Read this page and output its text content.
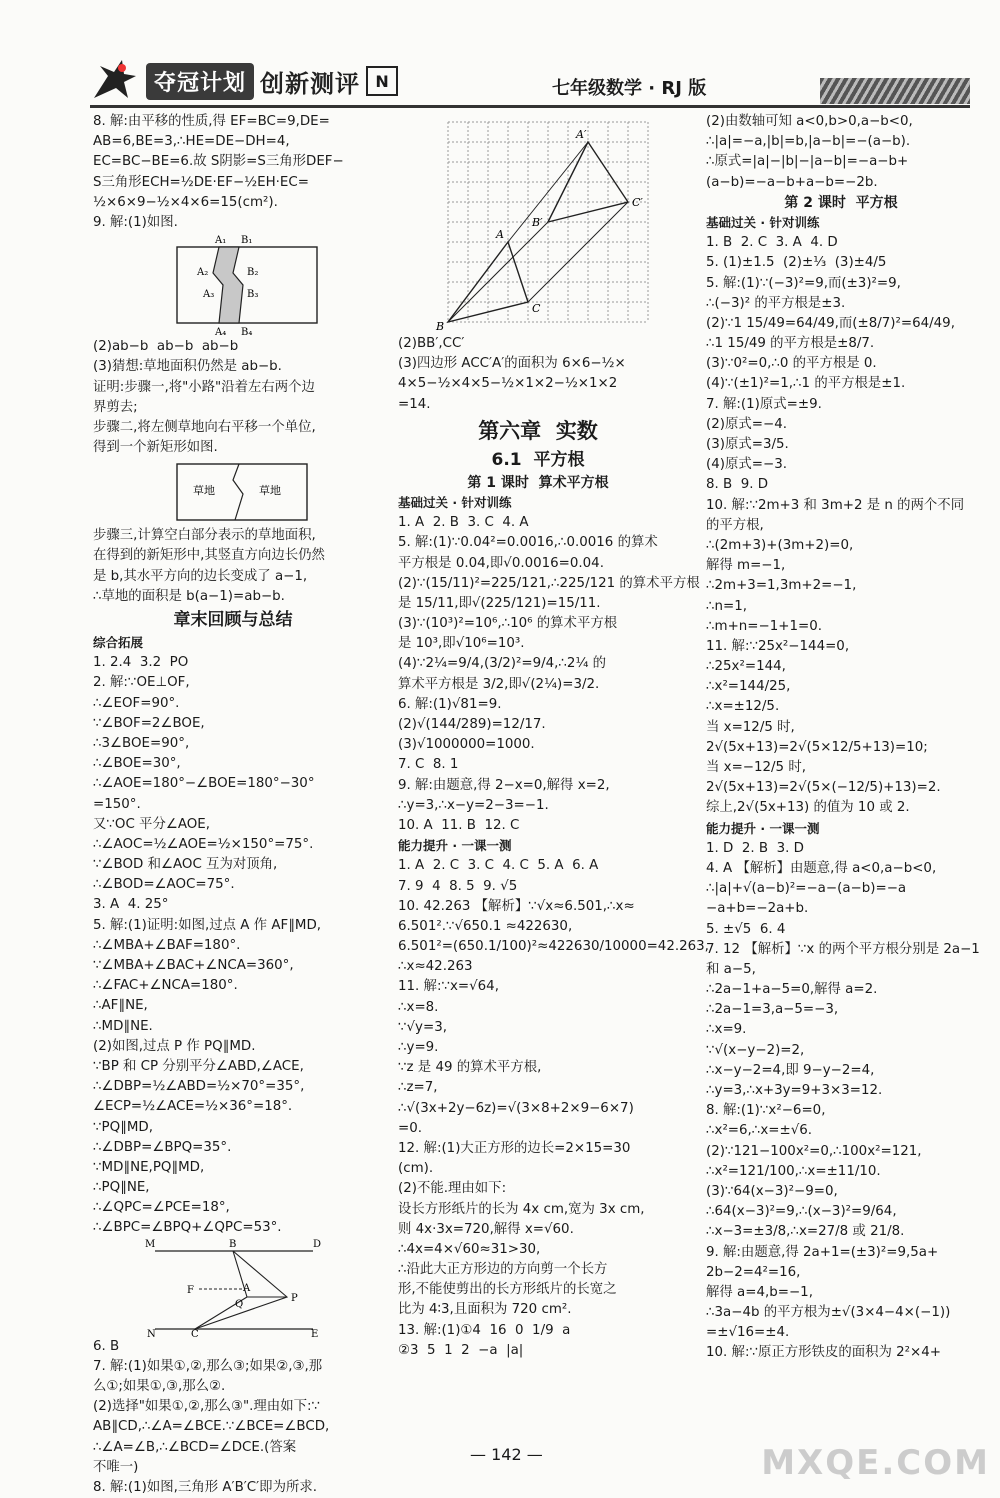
夺冠计划 创新测评 N	七年级数学 · RJ 版
8. 解:由平移的性质,得 EF=BC=9,DE=
AB=6,BE=3,∴HE=DE−DH=4,
EC=BC−BE=6.故 S阴影=S三角形DEF−
S三角形ECH=½DE·EF−½EH·EC=
½×6×9−½×4×6=15(cm²).
9. 解:(1)如图.
A₁ B₁
A₂	B₂
A₃	B₃
A₄ B₄
(2)ab−b  ab−b  ab−b
(3)猜想:草地面积仍然是 ab−b.
证明:步骤一,将"小路"沿着左右两个边
界剪去;
步骤二,将左侧草地向右平移一个单位,
得到一个新矩形如图.
草地	草地
步骤三,计算空白部分表示的草地面积,
在得到的新矩形中,其竖直方向边长仍然
是 b,其水平方向的边长变成了 a−1,
∴草地的面积是 b(a−1)=ab−b.
章末回顾与总结
综合拓展
1. 2.4  3.2  PO
2. 解:∵OE⊥OF,
∴∠EOF=90°.
∵∠BOF=2∠BOE,
∴3∠BOE=90°,
∴∠BOE=30°,
∴∠AOE=180°−∠BOE=180°−30°
=150°.
又∵OC 平分∠AOE,
∴∠AOC=½∠AOE=½×150°=75°.
∵∠BOD 和∠AOC 互为对顶角,
∴∠BOD=∠AOC=75°.
3. A  4. 25°
5. 解:(1)证明:如图,过点 A 作 AF∥MD,
∴∠MBA+∠BAF=180°.
∵∠MBA+∠BAC+∠NCA=360°,
∴∠FAC+∠NCA=180°.
∴AF∥NE,
∴MD∥NE.
(2)如图,过点 P 作 PQ∥MD.
∵BP 和 CP 分别平分∠ABD,∠ACE,
∴∠DBP=½∠ABD=½×70°=35°,
∠ECP=½∠ACE=½×36°=18°.
∵PQ∥MD,
∴∠DBP=∠BPQ=35°.
∵MD∥NE,PQ∥MD,
∴PQ∥NE,
∴∠QPC=∠PCE=18°,
∴∠BPC=∠BPQ+∠QPC=53°.
M	B	D
F	A
Q
P
N	C	E
6. B
7. 解:(1)如果①,②,那么③;如果②,③,那
么①;如果①,③,那么②.
(2)选择"如果①,②,那么③".理由如下:∵
AB∥CD,∴∠A=∠BCE.∵∠BCE=∠BCD,
∴∠A=∠B,∴∠BCD=∠DCE.(答案
不唯一)
8. 解:(1)如图,三角形 A′B′C′即为所求.
A′
B′
C′
A
B
C
(2)BB′,CC′
(3)四边形 ACC′A′的面积为 6×6−½×
4×5−½×4×5−½×1×2−½×1×2
=14.
第六章  实数
6.1  平方根
第 1 课时  算术平方根
基础过关 · 针对训练
1. A  2. B  3. C  4. A
5. 解:(1)∵0.04²=0.0016,∴0.0016 的算术
平方根是 0.04,即√0.0016=0.04.
(2)∵(15/11)²=225/121,∴225/121 的算术平方根
是 15/11,即√(225/121)=15/11.
(3)∵(10³)²=10⁶,∴10⁶ 的算术平方根
是 10³,即√10⁶=10³.
(4)∵2¼=9/4,(3/2)²=9/4,∴2¼ 的
算术平方根是 3/2,即√(2¼)=3/2.
6. 解:(1)√81=9.
(2)√(144/289)=12/17.
(3)√1000000=1000.
7. C  8. 1
9. 解:由题意,得 2−x=0,解得 x=2,
∴y=3,∴x−y=2−3=−1.
10. A  11. B  12. C
能力提升 · 一课一测
1. A  2. C  3. C  4. C  5. A  6. A
7. 9  4  8. 5  9. √5
10. 42.263 【解析】∵√x≈6.501,∴x≈
6.501².∵√650.1 ≈422630,
6.501²=(650.1/100)²≈422630/10000=42.263,
∴x≈42.263
11. 解:∵x=√64,
∴x=8.
∵√y=3,
∴y=9.
∵z 是 49 的算术平方根,
∴z=7,
∴√(3x+2y−6z)=√(3×8+2×9−6×7)
=0.
12. 解:(1)大正方形的边长=2×15=30
(cm).
(2)不能.理由如下:
设长方形纸片的长为 4x cm,宽为 3x cm,
则 4x·3x=720,解得 x=√60.
∴4x=4×√60≈31>30,
∴沿此大正方形边的方向剪一个长方
形,不能使剪出的长方形纸片的长宽之
比为 4∶3,且面积为 720 cm².
13. 解:(1)①4  16  0  1/9  a
②3  5  1  2  −a  |a|
(2)由数轴可知 a<0,b>0,a−b<0,
∴|a|=−a,|b|=b,|a−b|=−(a−b).
∴原式=|a|−|b|−|a−b|=−a−b+
(a−b)=−a−b+a−b=−2b.
第 2 课时  平方根
基础过关 · 针对训练
1. B  2. C  3. A  4. D
5. (1)±1.5  (2)±⅓  (3)±4/5
5. 解:(1)∵(−3)²=9,而(±3)²=9,
∴(−3)² 的平方根是±3.
(2)∵1 15/49=64/49,而(±8/7)²=64/49,
∴1 15/49 的平方根是±8/7.
(3)∵0²=0,∴0 的平方根是 0.
(4)∵(±1)²=1,∴1 的平方根是±1.
7. 解:(1)原式=±9.
(2)原式=−4.
(3)原式=3/5.
(4)原式=−3.
8. B  9. D
10. 解:∵2m+3 和 3m+2 是 n 的两个不同
的平方根,
∴(2m+3)+(3m+2)=0,
解得 m=−1,
∴2m+3=1,3m+2=−1,
∴n=1,
∴m+n=−1+1=0.
11. 解:∵25x²−144=0,
∴25x²=144,
∴x²=144/25,
∴x=±12/5.
当 x=12/5 时,
2√(5x+13)=2√(5×12/5+13)=10;
当 x=−12/5 时,
2√(5x+13)=2√(5×(−12/5)+13)=2.
综上,2√(5x+13) 的值为 10 或 2.
能力提升 · 一课一测
1. D  2. B  3. D
4. A 【解析】由题意,得 a<0,a−b<0,
∴|a|+√(a−b)²=−a−(a−b)=−a
−a+b=−2a+b.
5. ±√5  6. 4
7. 12 【解析】∵x 的两个平方根分别是 2a−1
和 a−5,
∴2a−1+a−5=0,解得 a=2.
∴2a−1=3,a−5=−3,
∴x=9.
∵√(x−y−2)=2,
∴x−y−2=4,即 9−y−2=4,
∴y=3,∴x+3y=9+3×3=12.
8. 解:(1)∵x²−6=0,
∴x²=6,∴x=±√6.
(2)∵121−100x²=0,∴100x²=121,
∴x²=121/100,∴x=±11/10.
(3)∵64(x−3)²−9=0,
∴64(x−3)²=9,∴(x−3)²=9/64,
∴x−3=±3/8,∴x=27/8 或 21/8.
9. 解:由题意,得 2a+1=(±3)²=9,5a+
2b−2=4²=16,
解得 a=4,b=−1,
∴3a−4b 的平方根为±√(3×4−4×(−1))
=±√16=±4.
10. 解:∵原正方形铁皮的面积为 2²×4+
— 142 —	MXQE.COM
